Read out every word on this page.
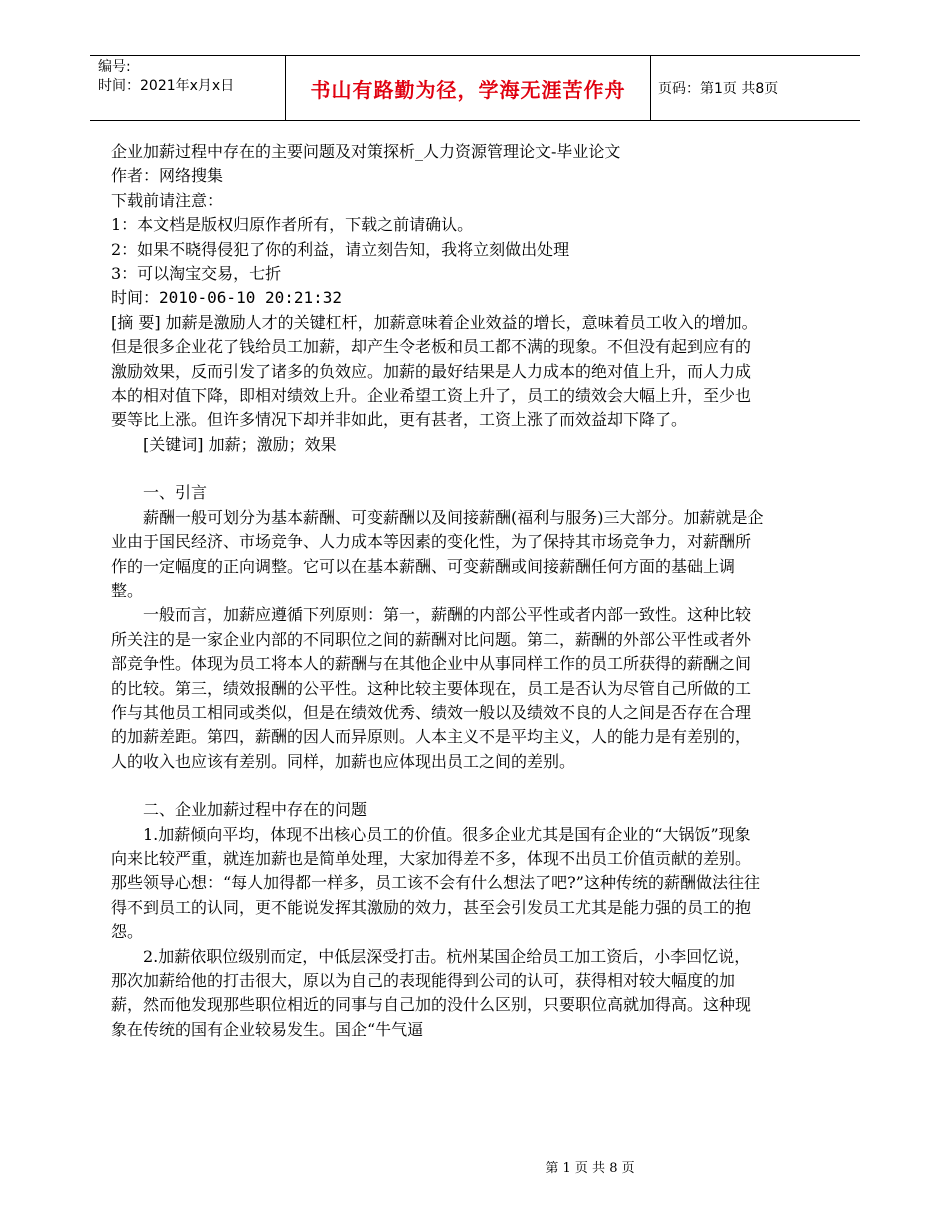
编号:
时间：2021年x月x日	书山有路勤为径，学海无涯苦作舟	页码：第1页 共8页

企业加薪过程中存在的主要问题及对策探析_人力资源管理论文-毕业论文

作者：网络搜集

下载前请注意：

1：本文档是版权归原作者所有，下载之前请确认。

2：如果不晓得侵犯了你的利益，请立刻告知，我将立刻做出处理

3：可以淘宝交易，七折

时间：2010-06-10 20:21:32

[摘 要] 加薪是激励人才的关键杠杆，加薪意味着企业效益的增长，意味着员工收入的增加。但是很多企业花了钱给员工加薪，却产生令老板和员工都不满的现象。不但没有起到应有的激励效果，反而引发了诸多的负效应。加薪的最好结果是人力成本的绝对值上升，而人力成本的相对值下降，即相对绩效上升。企业希望工资上升了，员工的绩效会大幅上升，至少也要等比上涨。但许多情况下却并非如此，更有甚者，工资上涨了而效益却下降了。

[关键词] 加薪；激励；效果

一、引言

薪酬一般可划分为基本薪酬、可变薪酬以及间接薪酬(福利与服务)三大部分。加薪就是企业由于国民经济、市场竞争、人力成本等因素的变化性，为了保持其市场竞争力，对薪酬所作的一定幅度的正向调整。它可以在基本薪酬、可变薪酬或间接薪酬任何方面的基础上调整。

一般而言，加薪应遵循下列原则：第一，薪酬的内部公平性或者内部一致性。这种比较所关注的是一家企业内部的不同职位之间的薪酬对比问题。第二，薪酬的外部公平性或者外部竞争性。体现为员工将本人的薪酬与在其他企业中从事同样工作的员工所获得的薪酬之间的比较。第三，绩效报酬的公平性。这种比较主要体现在，员工是否认为尽管自己所做的工作与其他员工相同或类似，但是在绩效优秀、绩效一般以及绩效不良的人之间是否存在合理的加薪差距。第四，薪酬的因人而异原则。人本主义不是平均主义，人的能力是有差别的，人的收入也应该有差别。同样，加薪也应体现出员工之间的差别。

二、企业加薪过程中存在的问题

1.加薪倾向平均，体现不出核心员工的价值。很多企业尤其是国有企业的“大锅饭”现象向来比较严重，就连加薪也是简单处理，大家加得差不多，体现不出员工价值贡献的差别。那些领导心想：“每人加得都一样多，员工该不会有什么想法了吧?”这种传统的薪酬做法往往得不到员工的认同，更不能说发挥其激励的效力，甚至会引发员工尤其是能力强的员工的抱怨。

2.加薪依职位级别而定，中低层深受打击。杭州某国企给员工加工资后，小李回忆说，那次加薪给他的打击很大，原以为自己的表现能得到公司的认可，获得相对较大幅度的加薪，然而他发现那些职位相近的同事与自己加的没什么区别，只要职位高就加得高。这种现象在传统的国有企业较易发生。国企“牛气逼

第 1 页 共 8 页
